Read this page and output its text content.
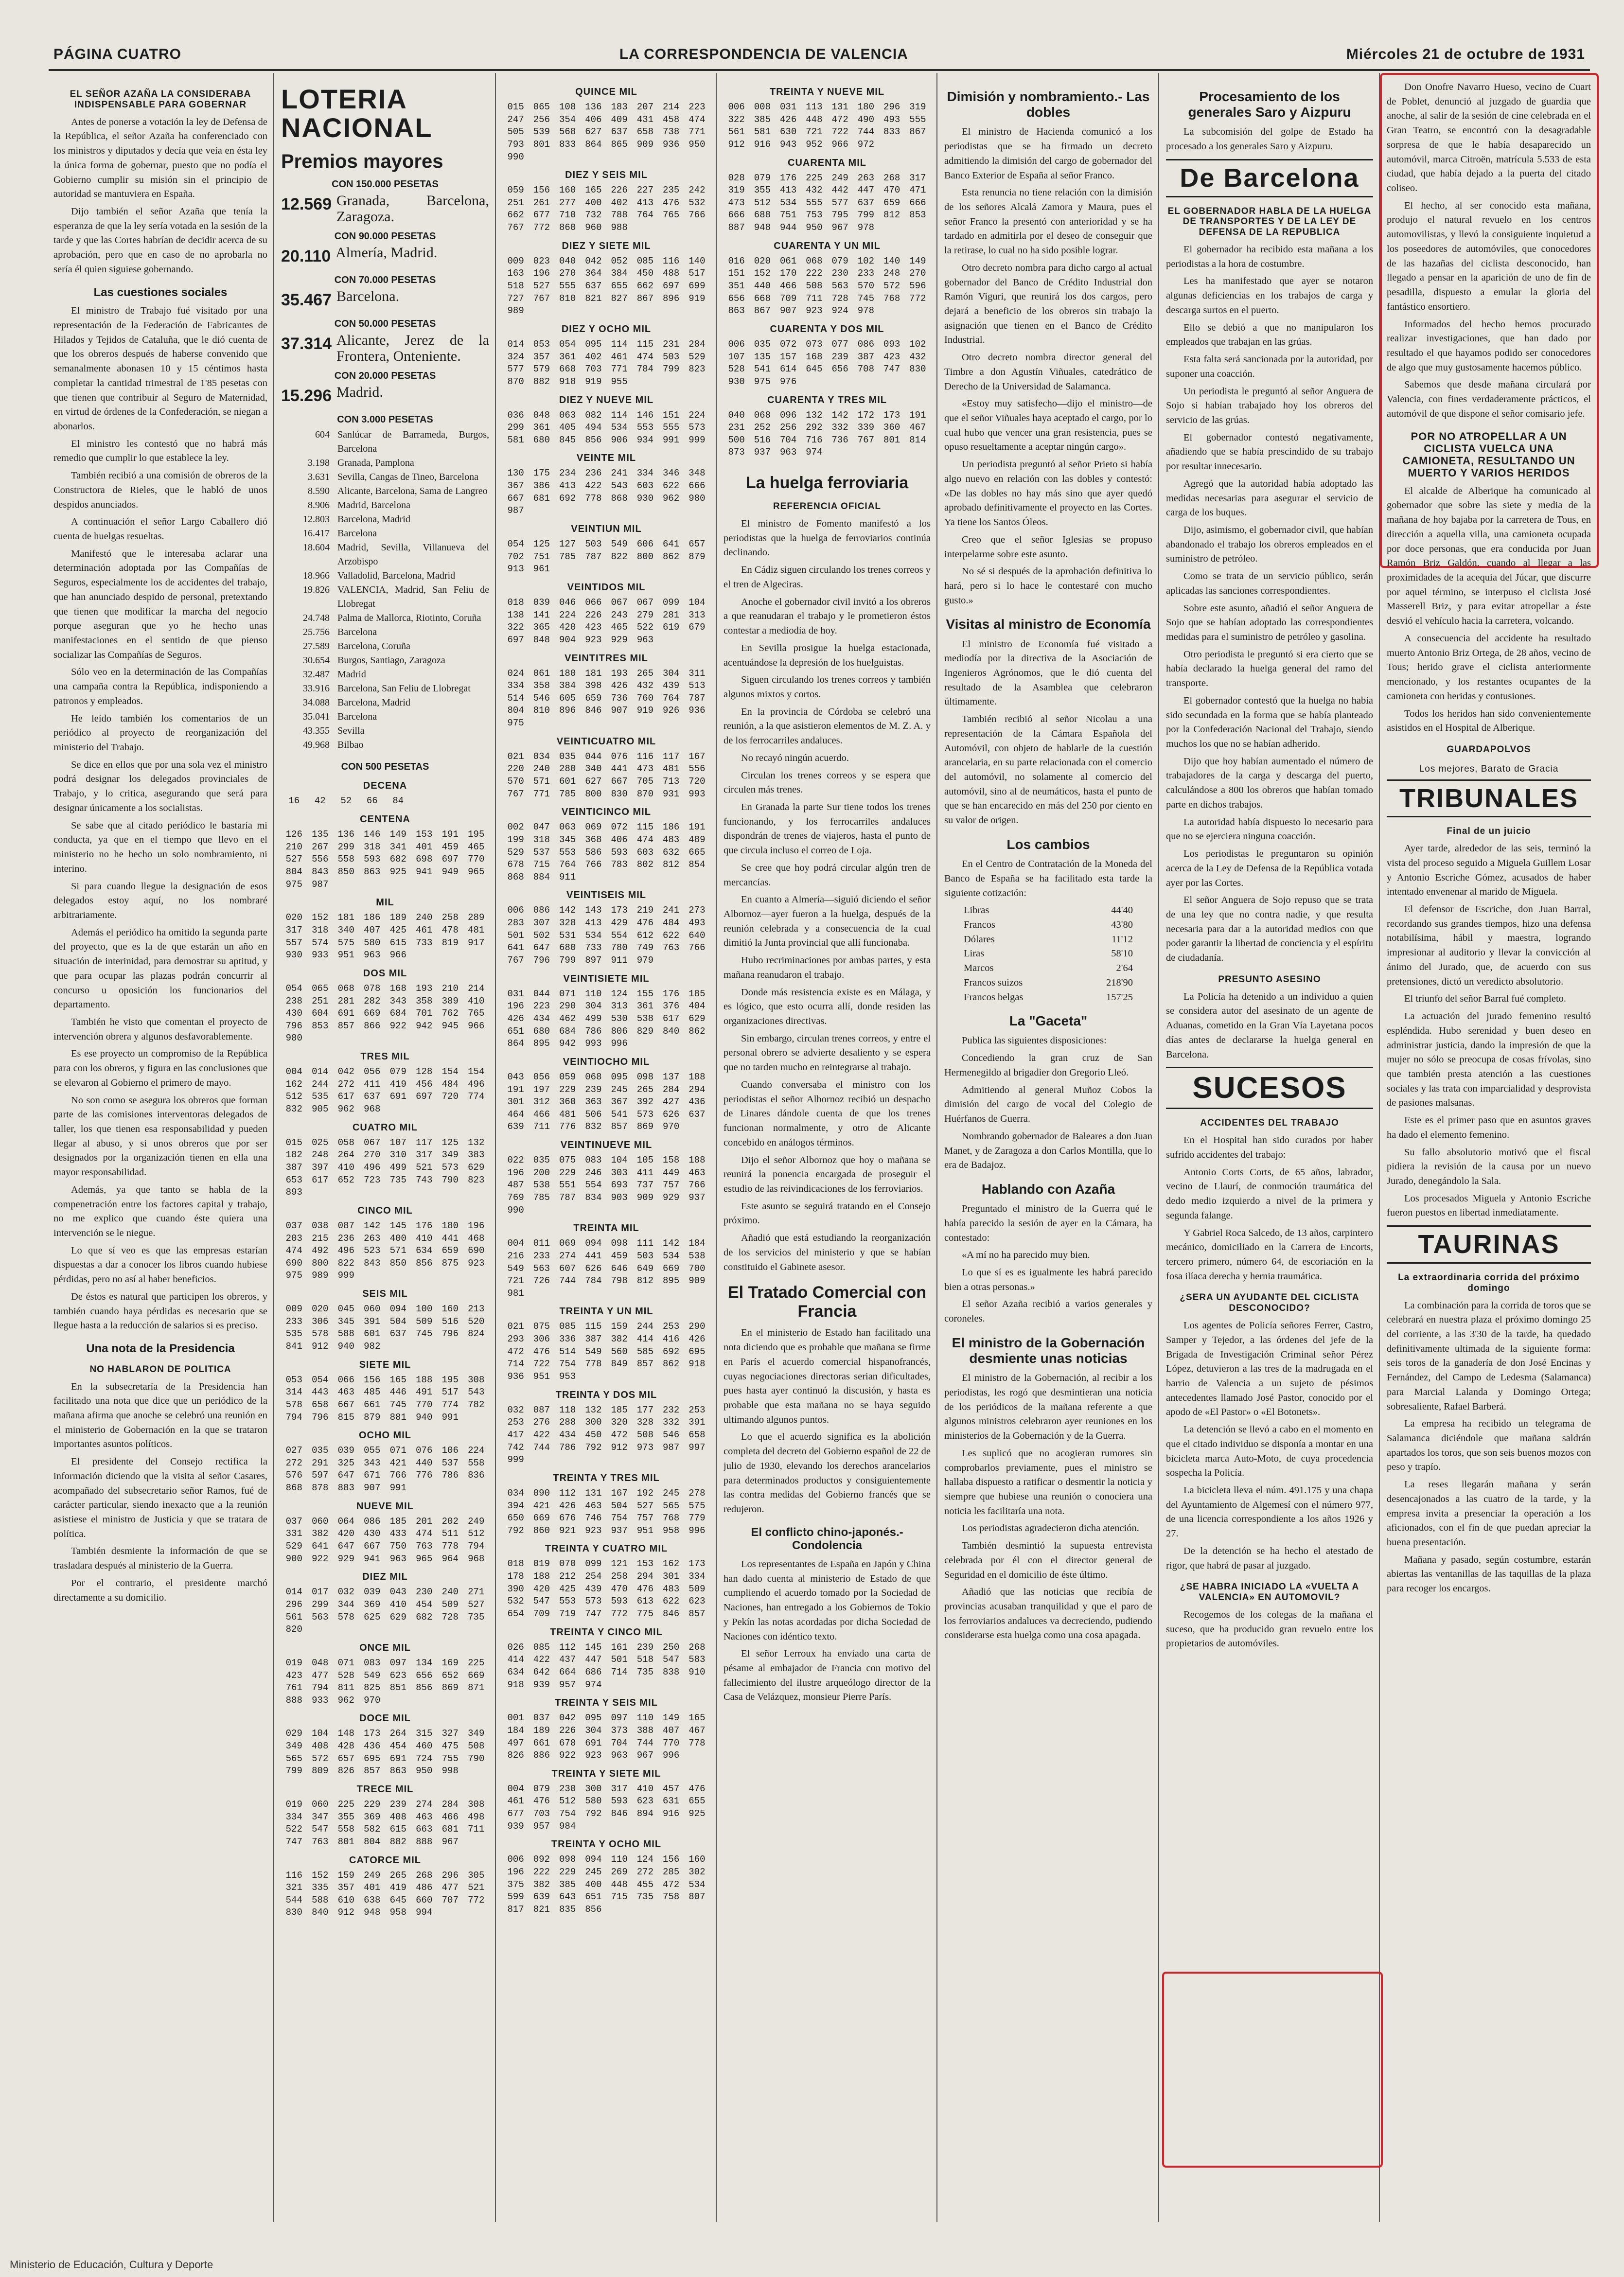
PÁGINA CUATRO	LA CORRESPONDENCIA DE VALENCIA	Miércoles 21 de octubre de 1931
EL SEÑOR AZAÑA LA CONSIDERABA INDISPENSABLE PARA GOBERNAR

Antes de ponerse a votación la ley de Defensa de la República, el señor Azaña ha conferenciado con los ministros y diputados y decía que veía en ésta ley la única forma de gobernar, puesto que no podía el Gobierno cumplir su misión sin el principio de autoridad se mantuviera en España.

Dijo también el señor Azaña que tenía la esperanza de que la ley sería votada en la sesión de la tarde y que las Cortes habrían de decidir acerca de su aprobación, pero que en caso de no aprobarla no sería él quien siguiese gobernando.

Las cuestiones sociales

El ministro de Trabajo fué visitado por una representación de la Federación de Fabricantes de Hilados y Tejidos de Cataluña, que le dió cuenta de que los obreros después de haberse convenido que semanalmente abonasen 10 y 15 céntimos hasta completar la cantidad trimestral de 1'85 pesetas con que tienen que contribuir al Seguro de Maternidad, en virtud de órdenes de la Confederación, se niegan a abonarlos.

El ministro les contestó que no habrá más remedio que cumplir lo que establece la ley.

También recibió a una comisión de obreros de la Constructora de Rieles, que le habló de unos despidos anunciados.

A continuación el señor Largo Caballero dió cuenta de huelgas resueltas.

Manifestó que le interesaba aclarar una determinación adoptada por las Compañías de Seguros, especialmente los de accidentes del trabajo, que han anunciado despido de personal, pretextando que tienen que modificar la marcha del negocio porque aseguran que yo he hecho unas manifestaciones en el sentido de que pienso socializar las Compañías de Seguros.

Sólo veo en la determinación de las Compañías una campaña contra la República, indisponiendo a patronos y empleados.

He leído también los comentarios de un periódico al proyecto de reorganización del ministerio del Trabajo.

Se dice en ellos que por una sola vez el ministro podrá designar los delegados provinciales de Trabajo, y lo critica, asegurando que será para designar únicamente a los socialistas.

Se sabe que al citado periódico le bastaría mi conducta, ya que en el tiempo que llevo en el ministerio no he hecho un solo nombramiento, ni interino.

Si para cuando llegue la designación de esos delegados estoy aquí, no los nombraré arbitrariamente.

Además el periódico ha omitido la segunda parte del proyecto, que es la de que estarán un año en situación de interinidad, para demostrar su aptitud, y que para ocupar las plazas podrán concurrir al concurso u oposición los funcionarios del departamento.

También he visto que comentan el proyecto de intervención obrera y algunos desfavorablemente.

Es ese proyecto un compromiso de la República para con los obreros, y figura en las conclusiones que se elevaron al Gobierno el primero de mayo.

No son como se asegura los obreros que forman parte de las comisiones interventoras delegados de taller, los que tienen esa responsabilidad y pueden llegar al abuso, y si unos obreros que por ser designados por la organización tienen en ella una mayor responsabilidad.

Además, ya que tanto se habla de la compenetración entre los factores capital y trabajo, no me explico que cuando éste quiera una intervención se le niegue.

Lo que sí veo es que las empresas estarían dispuestas a dar a conocer los libros cuando hubiese pérdidas, pero no así al haber beneficios.

De éstos es natural que participen los obreros, y también cuando haya pérdidas es necesario que se llegue hasta a la reducción de salarios si es preciso.

Una nota de la Presidencia
NO HABLARON DE POLITICA

En la subsecretaría de la Presidencia han facilitado una nota que dice que un periódico de la mañana afirma que anoche se celebró una reunión en el ministerio de Gobernación en la que se trataron importantes asuntos políticos.

El presidente del Consejo rectifica la información diciendo que la visita al señor Casares, acompañado del subsecretario señor Ramos, fué de carácter particular, siendo inexacto que a la reunión asistiese el ministro de Justicia y que se tratara de política.

También desmiente la información de que se trasladara después al ministerio de la Guerra.

Por el contrario, el presidente marchó directamente a su domicilio.

LOTERIA NACIONAL
Premios mayores
CON 150.000 PESETAS
12.569 Granada, Barcelona, Zaragoza.
CON 90.000 PESETAS
20.110 Almería, Madrid.
CON 70.000 PESETAS
35.467 Barcelona.
CON 50.000 PESETAS
37.314 Alicante, Jerez de la Frontera, Onteniente.
CON 20.000 PESETAS
15.296 Madrid.
CON 3.000 PESETAS
604 Sanlúcar de Barrameda, Burgos, Barcelona
3.198 Granada, Pamplona
3.631 Sevilla, Cangas de Tineo, Barcelona
8.590 Alicante, Barcelona, Sama de Langreo
8.906 Madrid, Barcelona
12.803 Barcelona, Madrid
16.417 Barcelona
18.604 Madrid, Sevilla, Villanueva del Arzobispo
18.966 Valladolid, Barcelona, Madrid
19.826 VALENCIA, Madrid, San Feliu de Llobregat
24.748 Palma de Mallorca, Riotinto, Coruña
25.756 Barcelona
27.589 Barcelona, Coruña
30.654 Burgos, Santiago, Zaragoza
32.487 Madrid
33.916 Barcelona, San Feliu de Llobregat
34.088 Barcelona, Madrid
35.041 Barcelona
43.355 Sevilla
49.968 Bilbao
CON 500 PESETAS
DECENA
16	42	52	66	84
CENTENA
126	135	136	146	149	153	191	195
210	267	299	318	341	401	459	465
527	556	558	593	682	698	697	770
804	843	850	863	925	941	949	965
975	987
MIL
020	152	181	186	189	240	258	289
317	318	340	407	425	461	478	481
557	574	575	580	615	733	819	917
930	933	951	963	966
DOS MIL
054	065	068	078	168	193	210	214
238	251	281	282	343	358	389	410
430	604	691	669	684	701	762	765
796	853	857	866	922	942	945	966
980
TRES MIL
004	014	042	056	079	128	154	154
162	244	272	411	419	456	484	496
512	535	617	637	691	697	720	774
832	905	962	968
CUATRO MIL
015	025	058	067	107	117	125	132
182	248	264	270	310	317	349	383
387	397	410	496	499	521	573	629
653	617	652	723	735	743	790	823
893
CINCO MIL
037	038	087	142	145	176	180	196
203	215	236	263	400	410	441	468
474	492	496	523	571	634	659	690
690	800	822	843	850	856	875	923
975	989	999
SEIS MIL
009	020	045	060	094	100	160	213
233	306	345	391	504	509	516	520
535	578	588	601	637	745	796	824
841	912	940	982
SIETE MIL
053	054	066	156	165	188	195	308
314	443	463	485	446	491	517	543
578	658	667	661	745	770	774	782
794	796	815	879	881	940	991
OCHO MIL
027	035	039	055	071	076	106	224
272	291	325	343	421	440	537	558
576	597	647	671	766	776	786	836
868	878	883	907	991
NUEVE MIL
037	060	064	086	185	201	202	249
331	382	420	430	433	474	511	512
529	641	647	667	750	763	778	794
900	922	929	941	963	965	964	968
DIEZ MIL
014	017	032	039	043	230	240	271
296	299	344	369	410	454	509	527
561	563	578	625	629	682	728	735
820
ONCE MIL
019	048	071	083	097	134	169	225
423	477	528	549	623	656	652	669
761	794	811	825	851	856	869	871
888	933	962	970
DOCE MIL
029	104	148	173	264	315	327	349
349	408	428	436	454	460	475	508
565	572	657	695	691	724	755	790
799	809	826	857	863	950	998
TRECE MIL
019	060	225	229	239	274	284	308
334	347	355	369	408	463	466	498
522	547	558	582	615	663	681	711
747	763	801	804	882	888	967
CATORCE MIL
116	152	159	249	265	268	296	305
321	335	357	401	419	486	477	521
544	588	610	638	645	660	707	772
830	840	912	948	958	994
QUINCE MIL
015	065	108	136	183	207	214	223
247	256	354	406	409	431	458	474
505	539	568	627	637	658	738	771
793	801	833	864	865	909	936	950
990
DIEZ Y SEIS MIL
059	156	160	165	226	227	235	242
251	261	277	400	402	413	476	532
662	677	710	732	788	764	765	766
767	772	860	960	988
DIEZ Y SIETE MIL
009	023	040	042	052	085	116	140
163	196	270	364	384	450	488	517
518	527	555	637	655	662	697	699
727	767	810	821	827	867	896	919
989
DIEZ Y OCHO MIL
014	053	054	095	114	115	231	284
324	357	361	402	461	474	503	529
577	579	668	703	771	784	799	823
870	882	918	919	955
DIEZ Y NUEVE MIL
036	048	063	082	114	146	151	224
299	361	405	494	534	553	555	573
581	680	845	856	906	934	991	999
VEINTE MIL
130	175	234	236	241	334	346	348
367	386	413	422	543	603	622	666
667	681	692	778	868	930	962	980
987
VEINTIUN MIL
054	125	127	503	549	606	641	657
702	751	785	787	822	800	862	879
913	961
VEINTIDOS MIL
018	039	046	066	067	067	099	104
138	141	224	226	243	279	281	313
322	365	420	423	465	522	619	679
697	848	904	923	929	963
VEINTITRES MIL
024	061	180	181	193	265	304	311
334	358	384	398	426	432	439	513
514	546	605	659	736	760	764	787
804	810	896	846	907	919	926	936
975
VEINTICUATRO MIL
021	034	035	044	076	116	117	167
220	240	280	340	441	473	481	556
570	571	601	627	667	705	713	720
767	771	785	800	830	870	931	993
VEINTICINCO MIL
002	047	063	069	072	115	186	191
199	318	345	368	406	474	483	489
529	537	553	586	593	603	632	665
678	715	764	766	783	802	812	854
868	884	911
VEINTISEIS MIL
006	086	142	143	173	219	241	273
283	307	328	413	429	476	484	493
501	502	531	534	554	612	622	640
641	647	680	733	780	749	763	766
767	796	799	897	911	979
VEINTISIETE MIL
031	044	071	110	124	155	176	185
196	223	290	304	313	361	376	404
426	434	462	499	530	538	617	629
651	680	684	786	806	829	840	862
864	895	942	993	996
VEINTIOCHO MIL
043	056	059	068	095	098	137	188
191	197	229	239	245	265	284	294
301	312	360	363	367	392	427	436
464	466	481	506	541	573	626	637
639	711	776	832	857	869	970
VEINTINUEVE MIL
022	035	075	083	104	105	158	188
196	200	229	246	303	411	449	463
487	538	551	554	693	737	757	766
769	785	787	834	903	909	929	937
990
TREINTA MIL
004	011	069	094	098	111	142	184
216	233	274	441	459	503	534	538
549	563	607	626	646	649	669	700
721	726	744	784	798	812	895	909
981
TREINTA Y UN MIL
021	075	085	115	159	244	253	290
293	306	336	387	382	414	416	426
472	476	514	549	560	585	692	695
714	722	754	778	849	857	862	918
936	951	953
TREINTA Y DOS MIL
032	087	118	132	185	177	232	253
253	276	288	300	320	328	332	391
417	422	434	450	472	508	546	658
742	744	786	792	912	973	987	997
999
TREINTA Y TRES MIL
034	090	112	131	167	192	245	278
394	421	426	463	504	527	565	575
650	669	676	746	754	757	768	779
792	860	921	923	937	951	958	996
TREINTA Y CUATRO MIL
018	019	070	099	121	153	162	173
178	188	212	254	258	294	301	334
390	420	425	439	470	476	483	509
532	547	553	573	593	613	622	623
654	709	719	747	772	775	846	857
TREINTA Y CINCO MIL
026	085	112	145	161	239	250	268
414	422	437	447	501	518	547	583
634	642	664	686	714	735	838	910
918	939	957	974
TREINTA Y SEIS MIL
001	037	042	095	097	110	149	165
184	189	226	304	373	388	407	467
497	661	678	691	704	744	770	778
826	886	922	923	963	967	996
TREINTA Y SIETE MIL
004	079	230	300	317	410	457	476
461	476	512	580	593	623	631	655
677	703	754	792	846	894	916	925
939	957	984
TREINTA Y OCHO MIL
006	092	098	094	110	124	156	160
196	222	229	245	269	272	285	302
375	382	385	400	448	455	472	534
599	639	643	651	715	735	758	807
817	821	835	856
TREINTA Y NUEVE MIL
006	008	031	113	131	180	296	319
322	385	426	448	472	490	493	555
561	581	630	721	722	744	833	867
912	916	943	952	966	972
CUARENTA MIL
028	079	176	225	249	263	268	317
319	355	413	432	442	447	470	471
473	512	534	555	577	637	659	666
666	688	751	753	795	799	812	853
887	948	944	950	967	978
CUARENTA Y UN MIL
016	020	061	068	079	102	140	149
151	152	170	222	230	233	248	270
351	440	466	508	563	570	572	596
656	668	709	711	728	745	768	772
863	867	907	923	924	978
CUARENTA Y DOS MIL
006	035	072	073	077	086	093	102
107	135	157	168	239	387	423	432
528	541	614	645	656	708	747	830
930	975	976
CUARENTA Y TRES MIL
040	068	096	132	142	172	173	191
231	252	256	292	332	339	360	467
500	516	704	716	736	767	801	814
873	937	963	974
La huelga ferroviaria
REFERENCIA OFICIAL

El ministro de Fomento manifestó a los periodistas que la huelga de ferroviarios continúa declinando.

En Cádiz siguen circulando los trenes correos y el tren de Algeciras.

Anoche el gobernador civil invitó a los obreros a que reanudaran el trabajo y le prometieron éstos contestar a mediodía de hoy.

En Sevilla prosigue la huelga estacionada, acentuándose la depresión de los huelguistas.

Siguen circulando los trenes correos y también algunos mixtos y cortos.

En la provincia de Córdoba se celebró una reunión, a la que asistieron elementos de M. Z. A. y de los ferrocarriles andaluces.

No recayó ningún acuerdo.

Circulan los trenes correos y se espera que circulen más trenes.

En Granada la parte Sur tiene todos los trenes funcionando, y los ferrocarriles andaluces dispondrán de trenes de viajeros, hasta el punto de que circula incluso el correo de Loja.

Se cree que hoy podrá circular algún tren de mercancías.

En cuanto a Almería—siguió diciendo el señor Albornoz—ayer fueron a la huelga, después de la reunión celebrada y a consecuencia de la cual dimitió la Junta provincial que allí funcionaba.

Hubo recriminaciones por ambas partes, y esta mañana reanudaron el trabajo.

Donde más resistencia existe es en Málaga, y es lógico, que esto ocurra allí, donde residen las organizaciones directivas.

Sin embargo, circulan trenes correos, y entre el personal obrero se advierte desaliento y se espera que no tarden mucho en reintegrarse al trabajo.

Cuando conversaba el ministro con los periodistas el señor Albornoz recibió un despacho de Linares dándole cuenta de que los trenes funcionan normalmente, y otro de Alicante concebido en análogos términos.

Dijo el señor Albornoz que hoy o mañana se reunirá la ponencia encargada de proseguir el estudio de las reivindicaciones de los ferroviarios.

Este asunto se seguirá tratando en el Consejo próximo.

Añadió que está estudiando la reorganización de los servicios del ministerio y que se habían constituido el Gabinete asesor.

El Tratado Comercial con Francia

En el ministerio de Estado han facilitado una nota diciendo que es probable que mañana se firme en París el acuerdo comercial hispanofrancés, cuyas negociaciones directoras serian dificultades, pues hasta ayer continuó la discusión, y hasta es probable que esta mañana no se haya seguido ultimando algunos puntos.

Lo que el acuerdo significa es la abolición completa del decreto del Gobierno español de 22 de julio de 1930, elevando los derechos arancelarios para determinados productos y consiguientemente las contra medidas del Gobierno francés que se redujeron.

El conflicto chino-japonés.- Condolencia

Los representantes de España en Japón y China han dado cuenta al ministerio de Estado de que cumpliendo el acuerdo tomado por la Sociedad de Naciones, han entregado a los Gobiernos de Tokio y Pekín las notas acordadas por dicha Sociedad de Naciones con idéntico texto.

El señor Lerroux ha enviado una carta de pésame al embajador de Francia con motivo del fallecimiento del ilustre arqueólogo director de la Casa de Velázquez, monsieur Pierre París.

Dimisión y nombramiento.- Las dobles

El ministro de Hacienda comunicó a los periodistas que se ha firmado un decreto admitiendo la dimisión del cargo de gobernador del Banco Exterior de España al señor Franco.

Esta renuncia no tiene relación con la dimisión de los señores Alcalá Zamora y Maura, pues el señor Franco la presentó con anterioridad y se ha tardado en admitirla por el deseo de conseguir que la retirase, lo cual no ha sido posible lograr.

Otro decreto nombra para dicho cargo al actual gobernador del Banco de Crédito Industrial don Ramón Viguri, que reunirá los dos cargos, pero dejará a beneficio de los obreros sin trabajo la asignación que tienen en el Banco de Crédito Industrial.

Otro decreto nombra director general del Timbre a don Agustín Viñuales, catedrático de Derecho de la Universidad de Salamanca.

«Estoy muy satisfecho—dijo el ministro—de que el señor Viñuales haya aceptado el cargo, por lo cual hubo que vencer una gran resistencia, pues se opuso resueltamente a aceptar ningún cargo».

Un periodista preguntó al señor Prieto si había algo nuevo en relación con las dobles y contestó: «De las dobles no hay más sino que ayer quedó aprobado definitivamente el proyecto en las Cortes. Ya tiene los Santos Óleos.

Creo que el señor Iglesias se propuso interpelarme sobre este asunto.

No sé si después de la aprobación definitiva lo hará, pero si lo hace le contestaré con mucho gusto.»

Visitas al ministro de Economía

El ministro de Economía fué visitado a mediodía por la directiva de la Asociación de Ingenieros Agrónomos, que le dió cuenta del resultado de la Asamblea que celebraron últimamente.

También recibió al señor Nicolau a una representación de la Cámara Española del Automóvil, con objeto de hablarle de la cuestión arancelaria, en su parte relacionada con el comercio del automóvil, no solamente al comercio del automóvil, sino al de neumáticos, hasta el punto de que se han encarecido en más del 250 por ciento en su valor de origen.

Los cambios

En el Centro de Contratación de la Moneda del Banco de España se ha facilitado esta tarde la siguiente cotización:

Libras	44'40
Francos	43'80
Dólares	11'12
Liras	58'10
Marcos	2'64
Francos suizos	218'90
Francos belgas	157'25
La "Gaceta"

Publica las siguientes disposiciones:

Concediendo la gran cruz de San Hermenegildo al brigadier don Gregorio Lleó.

Admitiendo al general Muñoz Cobos la dimisión del cargo de vocal del Colegio de Huérfanos de Guerra.

Nombrando gobernador de Baleares a don Juan Manet, y de Zaragoza a don Carlos Montilla, que lo era de Badajoz.

Hablando con Azaña

Preguntado el ministro de la Guerra qué le había parecido la sesión de ayer en la Cámara, ha contestado:

«A mí no ha parecido muy bien.

Lo que sí es es igualmente les habrá parecido bien a otras personas.»

El señor Azaña recibió a varios generales y coroneles.

El ministro de la Gobernación desmiente unas noticias

El ministro de la Gobernación, al recibir a los periodistas, les rogó que desmintieran una noticia de los periódicos de la mañana referente a que algunos ministros celebraron ayer reuniones en los ministerios de la Gobernación y de la Guerra.

Les suplicó que no acogieran rumores sin comprobarlos previamente, pues el ministro se hallaba dispuesto a ratificar o desmentir la noticia y siempre que hubiese una reunión o conociera una noticia les facilitaría una nota.

Los periodistas agradecieron dicha atención.

También desmintió la supuesta entrevista celebrada por él con el director general de Seguridad en el domicilio de éste último.

Añadió que las noticias que recibía de provincias acusaban tranquilidad y que el paro de los ferroviarios andaluces va decreciendo, pudiendo considerarse esta huelga como una cosa apagada.

Procesamiento de los generales Saro y Aizpuru

La subcomisión del golpe de Estado ha procesado a los generales Saro y Aizpuru.

De Barcelona
EL GOBERNADOR HABLA DE LA HUELGA DE TRANSPORTES Y DE LA LEY DE DEFENSA DE LA REPUBLICA

El gobernador ha recibido esta mañana a los periodistas a la hora de costumbre.

Les ha manifestado que ayer se notaron algunas deficiencias en los trabajos de carga y descarga surtos en el puerto.

Ello se debió a que no manipularon los empleados que trabajan en las grúas.

Esta falta será sancionada por la autoridad, por suponer una coacción.

Un periodista le preguntó al señor Anguera de Sojo si habían trabajado hoy los obreros del servicio de las grúas.

El gobernador contestó negativamente, añadiendo que se había prescindido de su trabajo por resultar innecesario.

Agregó que la autoridad había adoptado las medidas necesarias para asegurar el servicio de carga de los buques.

Dijo, asimismo, el gobernador civil, que habían abandonado el trabajo los obreros empleados en el suministro de petróleo.

Como se trata de un servicio público, serán aplicadas las sanciones correspondientes.

Sobre este asunto, añadió el señor Anguera de Sojo que se habían adoptado las correspondientes medidas para el suministro de petróleo y gasolina.

Otro periodista le preguntó si era cierto que se había declarado la huelga general del ramo del transporte.

El gobernador contestó que la huelga no había sido secundada en la forma que se había planteado por la Confederación Nacional del Trabajo, siendo muchos los que no se habían adherido.

Dijo que hoy habían aumentado el número de trabajadores de la carga y descarga del puerto, calculándose a 800 los obreros que habían tomado parte en dichos trabajos.

La autoridad había dispuesto lo necesario para que no se ejerciera ninguna coacción.

Los periodistas le preguntaron su opinión acerca de la Ley de Defensa de la República votada ayer por las Cortes.

El señor Anguera de Sojo repuso que se trata de una ley que no contra nadie, y que resulta necesaria para dar a la autoridad medios con que poder garantir la libertad de conciencia y el espíritu de ciudadanía.

PRESUNTO ASESINO

La Policía ha detenido a un individuo a quien se considera autor del asesinato de un agente de Aduanas, cometido en la Gran Vía Layetana pocos días antes de declararse la huelga general en Barcelona.

SUCESOS
ACCIDENTES DEL TRABAJO

En el Hospital han sido curados por haber sufrido accidentes del trabajo:

Antonio Corts Corts, de 65 años, labrador, vecino de Llaurí, de conmoción traumática del dedo medio izquierdo a nivel de la primera y segunda falange.

Y Gabriel Roca Salcedo, de 13 años, carpintero mecánico, domiciliado en la Carrera de Encorts, tercero primero, número 64, de escoriación en la fosa ilíaca derecha y hernia traumática.

¿SERA UN AYUDANTE DEL CICLISTA DESCONOCIDO?

Los agentes de Policía señores Ferrer, Castro, Samper y Tejedor, a las órdenes del jefe de la Brigada de Investigación Criminal señor Pérez López, detuvieron a las tres de la madrugada en el barrio de Valencia a un sujeto de pésimos antecedentes llamado José Pastor, conocido por el apodo de «El Pastor» o «El Botonets».

La detención se llevó a cabo en el momento en que el citado individuo se disponía a montar en una bicicleta marca Auto-Moto, de cuya procedencia sospecha la Policía.

La bicicleta lleva el núm. 491.175 y una chapa del Ayuntamiento de Algemesí con el número 977, de una licencia correspondiente a los años 1926 y 27.

De la detención se ha hecho el atestado de rigor, que habrá de pasar al juzgado.

¿SE HABRA INICIADO LA «VUELTA A VALENCIA» EN AUTOMOVIL?

Recogemos de los colegas de la mañana el suceso, que ha producido gran revuelo entre los propietarios de automóviles.

Don Onofre Navarro Hueso, vecino de Cuart de Poblet, denunció al juzgado de guardia que anoche, al salir de la sesión de cine celebrada en el Gran Teatro, se encontró con la desagradable sorpresa de que le había desaparecido un automóvil, marca Citroën, matrícula 5.533 de esta ciudad, que había dejado a la puerta del citado coliseo.

El hecho, al ser conocido esta mañana, produjo el natural revuelo en los centros automovilistas, y llevó la consiguiente inquietud a los poseedores de automóviles, que conocedores de las hazañas del ciclista desconocido, han llegado a pensar en la aparición de uno de fin de pesadilla, dispuesto a emular la gloria del fantástico ensortiero.

Informados del hecho hemos procurado realizar investigaciones, que han dado por resultado el que hayamos podido ser conocedores de algo que muy gustosamente hacemos público.

Sabemos que desde mañana circulará por Valencia, con fines verdaderamente prácticos, el automóvil de que dispone el señor comisario jefe.

POR NO ATROPELLAR A UN CICLISTA VUELCA UNA CAMIONETA, RESULTANDO UN MUERTO Y VARIOS HERIDOS

El alcalde de Alberique ha comunicado al gobernador que sobre las siete y media de la mañana de hoy bajaba por la carretera de Tous, en dirección a aquella villa, una camioneta ocupada por doce personas, que era conducida por Juan Ramón Briz Galdón, cuando al llegar a las proximidades de la acequia del Júcar, que discurre por aquel término, se interpuso el ciclista José Masserell Briz, y para evitar atropellar a éste desvió el vehículo hacia la carretera, volcando.

A consecuencia del accidente ha resultado muerto Antonio Briz Ortega, de 28 años, vecino de Tous; herido grave el ciclista anteriormente mencionado, y los restantes ocupantes de la camioneta con heridas y contusiones.

Todos los heridos han sido convenientemente asistidos en el Hospital de Alberique.

GUARDAPOLVOS
Los mejores, Barato de Gracia
TRIBUNALES
Final de un juicio

Ayer tarde, alrededor de las seis, terminó la vista del proceso seguido a Miguela Guillem Losar y Antonio Escriche Gómez, acusados de haber intentado envenenar al marido de Miguela.

El defensor de Escriche, don Juan Barral, recordando sus grandes tiempos, hizo una defensa notabilísima, hábil y maestra, logrando impresionar al auditorio y llevar la convicción al ánimo del Jurado, que, de acuerdo con sus pretensiones, dictó un veredicto absolutorio.

El triunfo del señor Barral fué completo.

La actuación del jurado femenino resultó espléndida. Hubo serenidad y buen deseo en administrar justicia, dando la impresión de que la mujer no sólo se preocupa de cosas frívolas, sino que también presta atención a las cuestiones sociales y las trata con imparcialidad y desprovista de pasiones malsanas.

Este es el primer paso que en asuntos graves ha dado el elemento femenino.

Su fallo absolutorio motivó que el fiscal pidiera la revisión de la causa por un nuevo Jurado, denegándolo la Sala.

Los procesados Miguela y Antonio Escriche fueron puestos en libertad inmediatamente.

TAURINAS
La extraordinaria corrida del próximo domingo

La combinación para la corrida de toros que se celebrará en nuestra plaza el próximo domingo 25 del corriente, a las 3'30 de la tarde, ha quedado definitivamente ultimada de la siguiente forma: seis toros de la ganadería de don José Encinas y Fernández, del Campo de Ledesma (Salamanca) para Marcial Lalanda y Domingo Ortega; sobresaliente, Rafael Barberá.

La empresa ha recibido un telegrama de Salamanca diciéndole que mañana saldrán apartados los toros, que son seis buenos mozos con peso y trapío.

La reses llegarán mañana y serán desencajonados a las cuatro de la tarde, y la empresa invita a presenciar la operación a los aficionados, con el fin de que puedan apreciar la buena presentación.

Mañana y pasado, según costumbre, estarán abiertas las ventanillas de las taquillas de la plaza para recoger los encargos.

Ministerio de Educación, Cultura y Deporte
